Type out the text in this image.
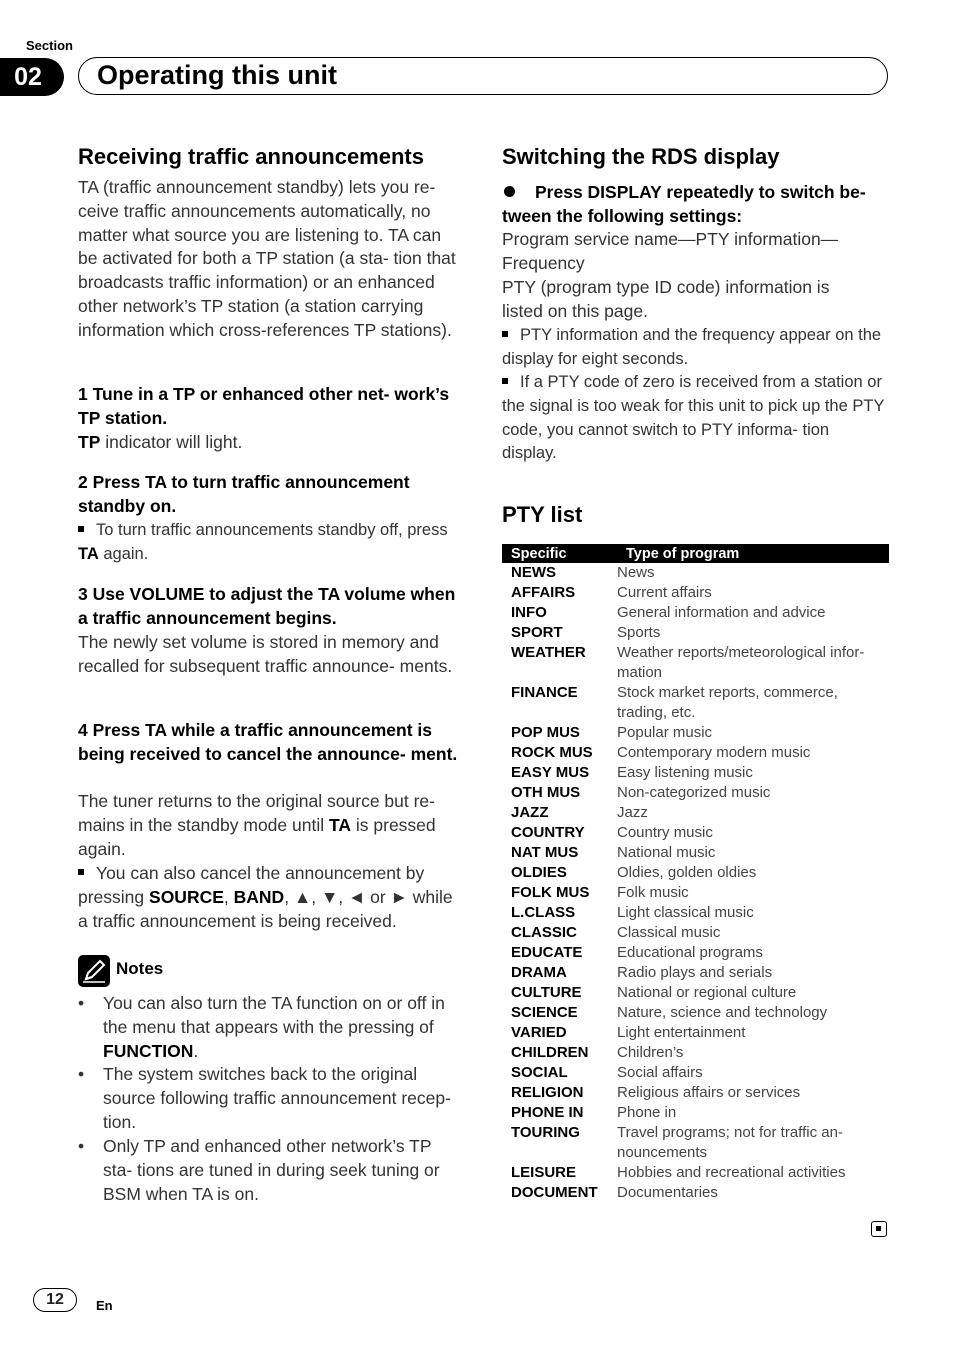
Section
02	Operating this unit
Receiving traffic announcements
TA (traffic announcement standby) lets you re- ceive traffic announcements automatically, no matter what source you are listening to. TA can be activated for both a TP station (a sta- tion that broadcasts traffic information) or an enhanced other network’s TP station (a station carrying information which cross-references TP stations).
1 Tune in a TP or enhanced other net- work’s TP station.
TP indicator will light.
2 Press TA to turn traffic announcement standby on.
To turn traffic announcements standby off, press TA again.
3 Use VOLUME to adjust the TA volume when a traffic announcement begins.
The newly set volume is stored in memory and recalled for subsequent traffic announce- ments.
4 Press TA while a traffic announcement is being received to cancel the announce- ment.
The tuner returns to the original source but re- mains in the standby mode until TA is pressed again.
You can also cancel the announcement by pressing SOURCE, BAND, ▲, ▼, ◄ or ► while a traffic announcement is being received.
Notes
• You can also turn the TA function on or off in the menu that appears with the pressing of FUNCTION.
• The system switches back to the original source following traffic announcement recep- tion.
• Only TP and enhanced other network’s TP sta- tions are tuned in during seek tuning or BSM when TA is on.
Switching the RDS display
Press DISPLAY repeatedly to switch be- tween the following settings:
Program service name—PTY information— Frequency
PTY (program type ID code) information is listed on this page.
PTY information and the frequency appear on the display for eight seconds.
If a PTY code of zero is received from a station or the signal is too weak for this unit to pick up the PTY code, you cannot switch to PTY informa- tion display.
PTY list
Specific	Type of program
NEWS	News
AFFAIRS	Current affairs
INFO	General information and advice
SPORT	Sports
WEATHER	Weather reports/meteorological infor- mation
FINANCE	Stock market reports, commerce, trading, etc.
POP MUS	Popular music
ROCK MUS	Contemporary modern music
EASY MUS	Easy listening music
OTH MUS	Non-categorized music
JAZZ	Jazz
COUNTRY	Country music
NAT MUS	National music
OLDIES	Oldies, golden oldies
FOLK MUS	Folk music
L.CLASS	Light classical music
CLASSIC	Classical music
EDUCATE	Educational programs
DRAMA	Radio plays and serials
CULTURE	National or regional culture
SCIENCE	Nature, science and technology
VARIED	Light entertainment
CHILDREN	Children’s
SOCIAL	Social affairs
RELIGION	Religious affairs or services
PHONE IN	Phone in
TOURING	Travel programs; not for traffic an- nouncements
LEISURE	Hobbies and recreational activities
DOCUMENT	Documentaries
12	En
